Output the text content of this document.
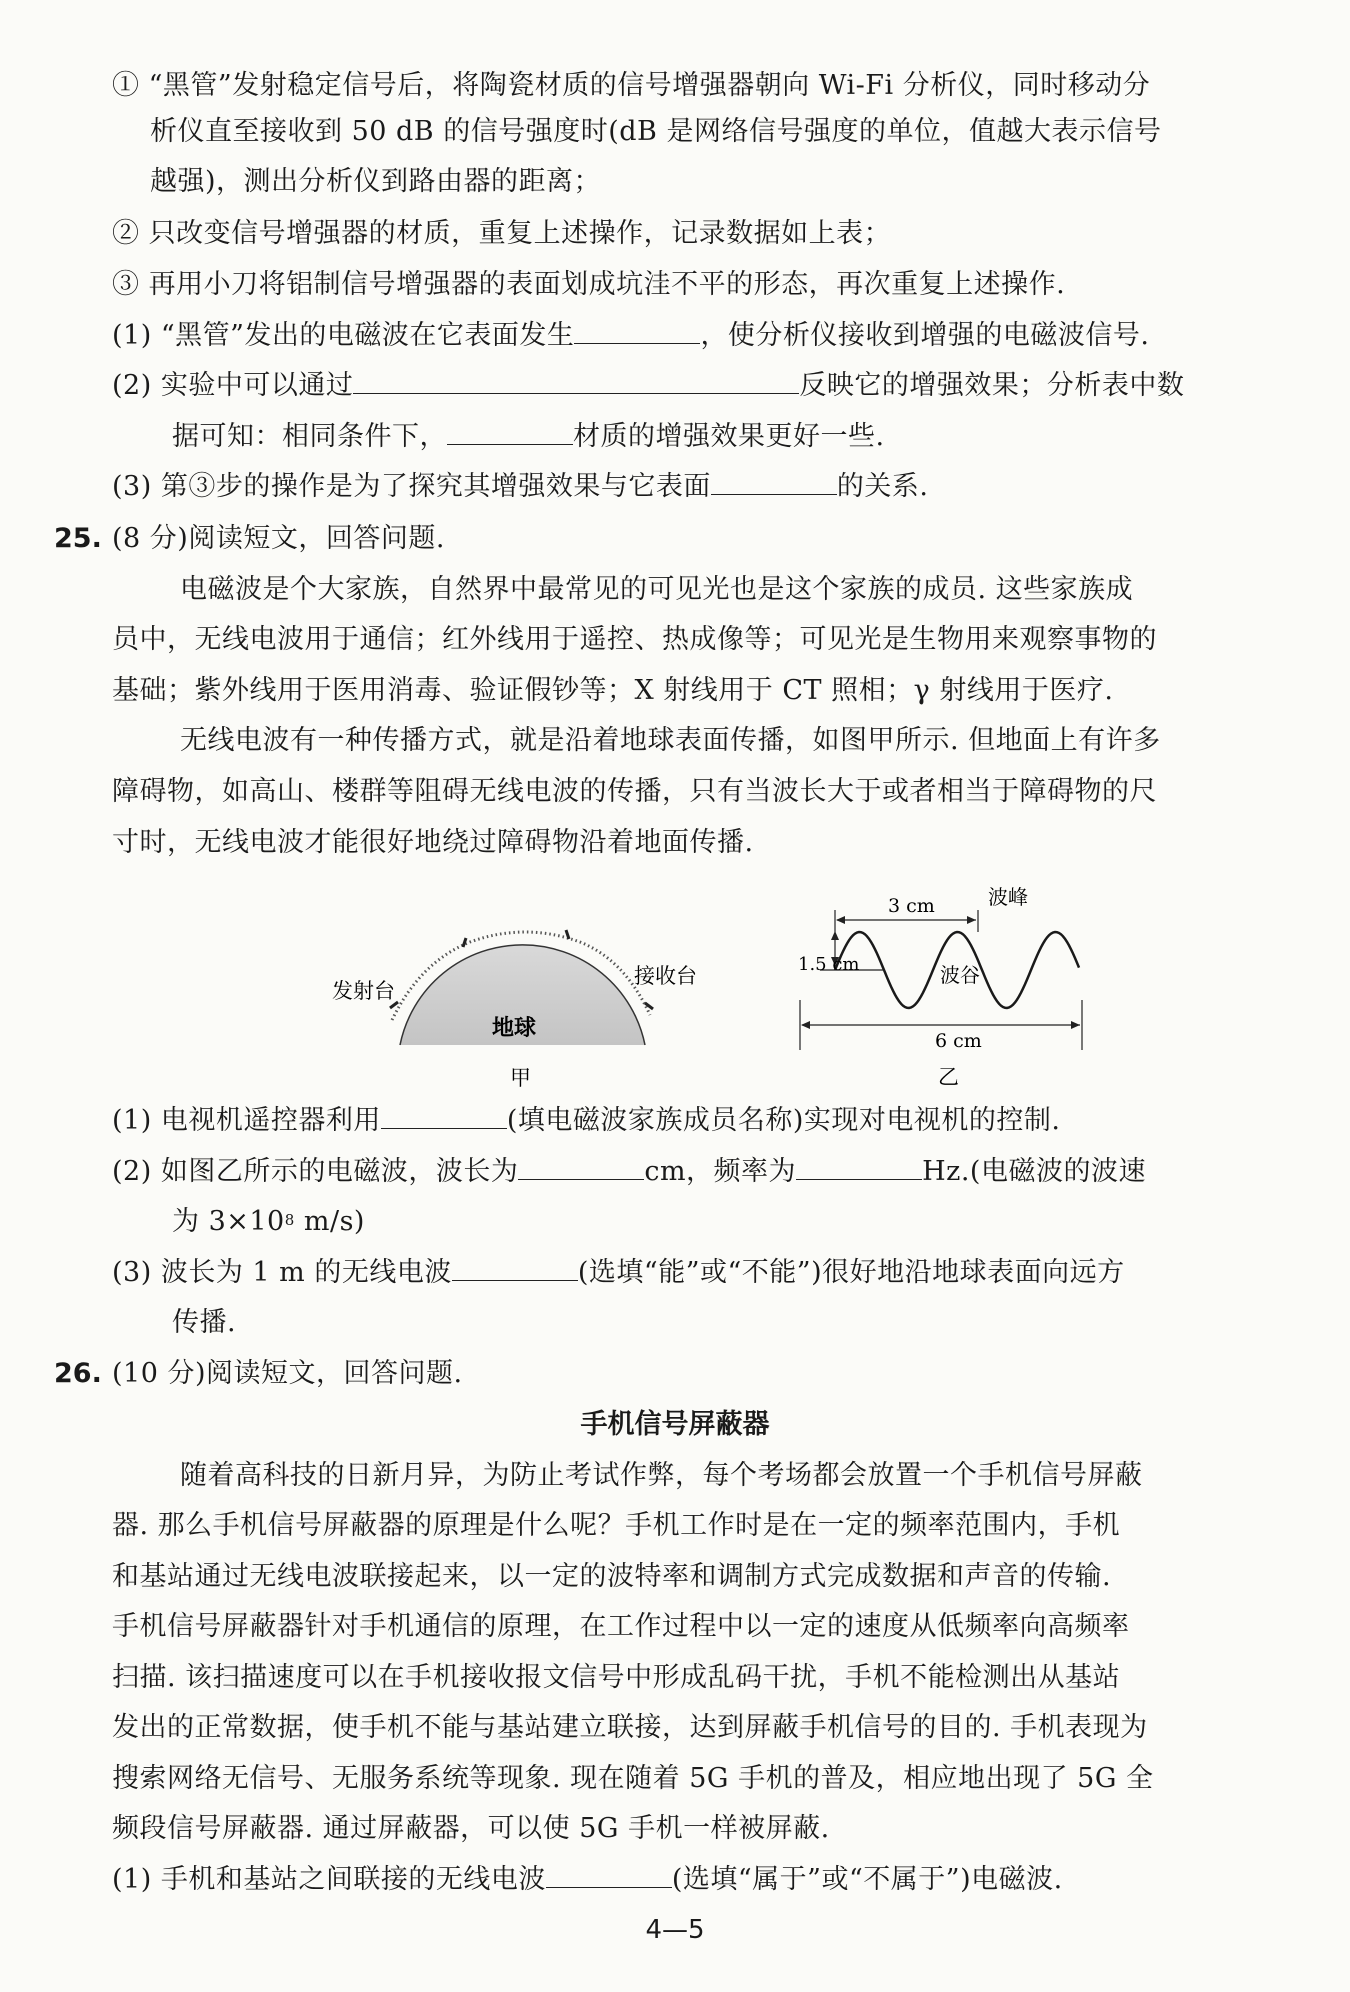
① “黑管”发射稳定信号后，将陶瓷材质的信号增强器朝向 Wi-Fi 分析仪，同时移动分
析仪直至接收到 50 dB 的信号强度时(dB 是网络信号强度的单位，值越大表示信号
越强)，测出分析仪到路由器的距离；
② 只改变信号增强器的材质，重复上述操作，记录数据如上表；
③ 再用小刀将铝制信号增强器的表面划成坑洼不平的形态，再次重复上述操作.
(1) “黑管”发出的电磁波在它表面发生	，使分析仪接收到增强的电磁波信号.
(2) 实验中可以通过	反映它的增强效果；分析表中数
据可知：相同条件下，	材质的增强效果更好一些.
(3) 第③步的操作是为了探究其增强效果与它表面	的关系.
25. (8 分)阅读短文，回答问题.
电磁波是个大家族，自然界中最常见的可见光也是这个家族的成员. 这些家族成
员中，无线电波用于通信；红外线用于遥控、热成像等；可见光是生物用来观察事物的
基础；紫外线用于医用消毒、验证假钞等；X 射线用于 CT 照相；γ 射线用于医疗.
无线电波有一种传播方式，就是沿着地球表面传播，如图甲所示. 但地面上有许多
障碍物，如高山、楼群等阻碍无线电波的传播，只有当波长大于或者相当于障碍物的尺
寸时，无线电波才能很好地绕过障碍物沿着地面传播.
发射台
接收台
地球
甲
3 cm	波峰
1.5 cm	波谷
6 cm
乙
(1) 电视机遥控器利用	(填电磁波家族成员名称)实现对电视机的控制.
(2) 如图乙所示的电磁波，波长为	cm，频率为	Hz.(电磁波的波速
为 $3\times 10^8$ m/s)
(3) 波长为 1 m 的无线电波	(选填“能”或“不能”)很好地沿地球表面向远方
传播.
26. (10 分)阅读短文，回答问题.
手机信号屏蔽器
随着高科技的日新月异，为防止考试作弊，每个考场都会放置一个手机信号屏蔽
器. 那么手机信号屏蔽器的原理是什么呢？手机工作时是在一定的频率范围内，手机
和基站通过无线电波联接起来，以一定的波特率和调制方式完成数据和声音的传输.
手机信号屏蔽器针对手机通信的原理，在工作过程中以一定的速度从低频率向高频率
扫描. 该扫描速度可以在手机接收报文信号中形成乱码干扰，手机不能检测出从基站
发出的正常数据，使手机不能与基站建立联接，达到屏蔽手机信号的目的. 手机表现为
搜索网络无信号、无服务系统等现象. 现在随着 5G 手机的普及，相应地出现了 5G 全
频段信号屏蔽器. 通过屏蔽器，可以使 5G 手机一样被屏蔽.
(1) 手机和基站之间联接的无线电波	(选填“属于”或“不属于”)电磁波.
4—5
